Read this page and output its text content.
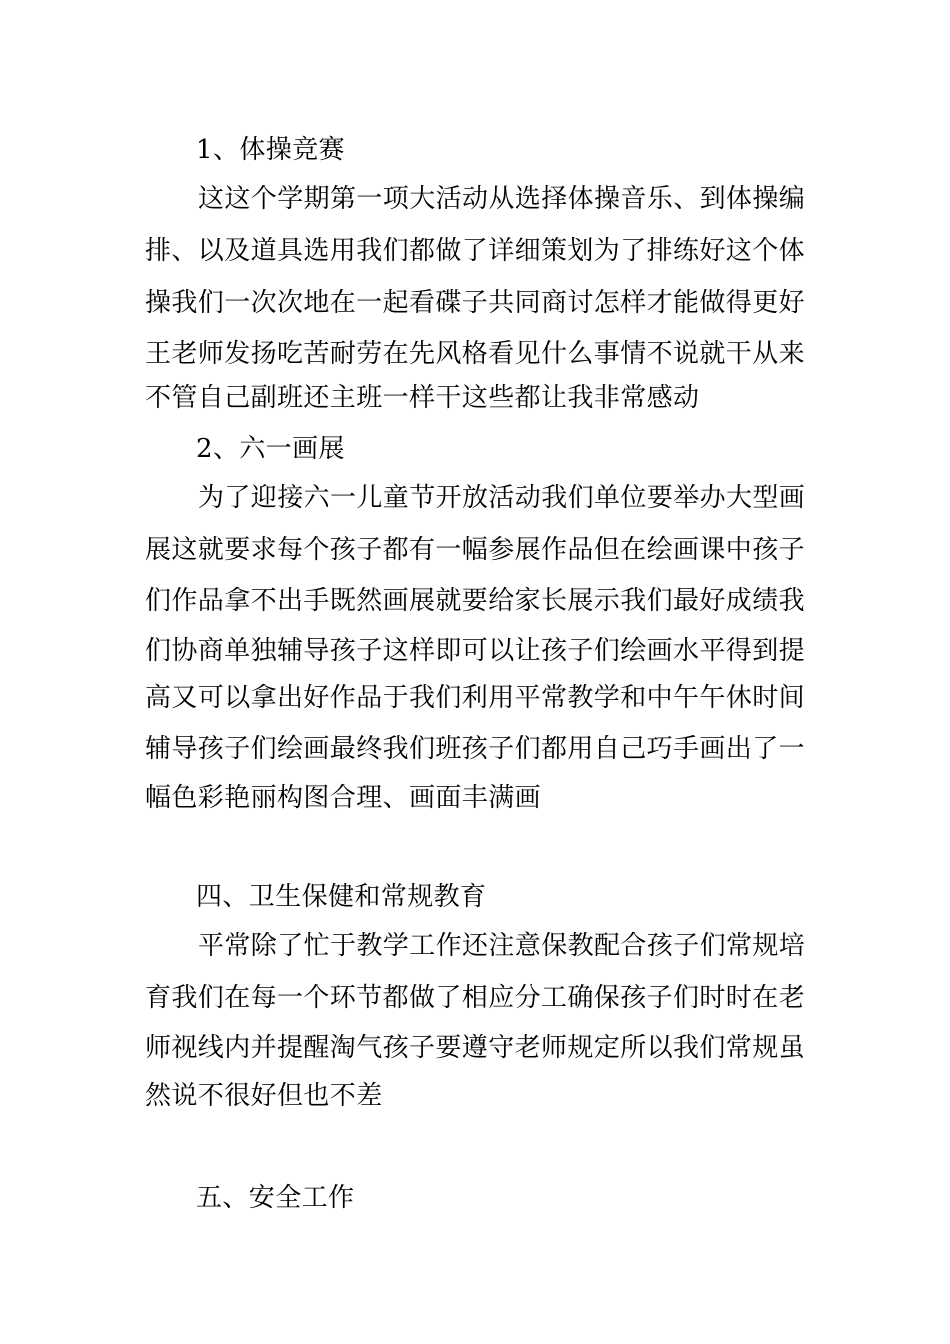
1、体操竞赛
这这个学期第一项大活动从选择体操音乐、到体操编
排、以及道具选用我们都做了详细策划为了排练好这个体
操我们一次次地在一起看碟子共同商讨怎样才能做得更好
王老师发扬吃苦耐劳在先风格看见什么事情不说就干从来
不管自己副班还主班一样干这些都让我非常感动
2、六一画展
为了迎接六一儿童节开放活动我们单位要举办大型画
展这就要求每个孩子都有一幅参展作品但在绘画课中孩子
们作品拿不出手既然画展就要给家长展示我们最好成绩我
们协商单独辅导孩子这样即可以让孩子们绘画水平得到提
高又可以拿出好作品于我们利用平常教学和中午午休时间
辅导孩子们绘画最终我们班孩子们都用自己巧手画出了一
幅色彩艳丽构图合理、画面丰满画
四、卫生保健和常规教育
平常除了忙于教学工作还注意保教配合孩子们常规培
育我们在每一个环节都做了相应分工确保孩子们时时在老
师视线内并提醒淘气孩子要遵守老师规定所以我们常规虽
然说不很好但也不差
五、安全工作
